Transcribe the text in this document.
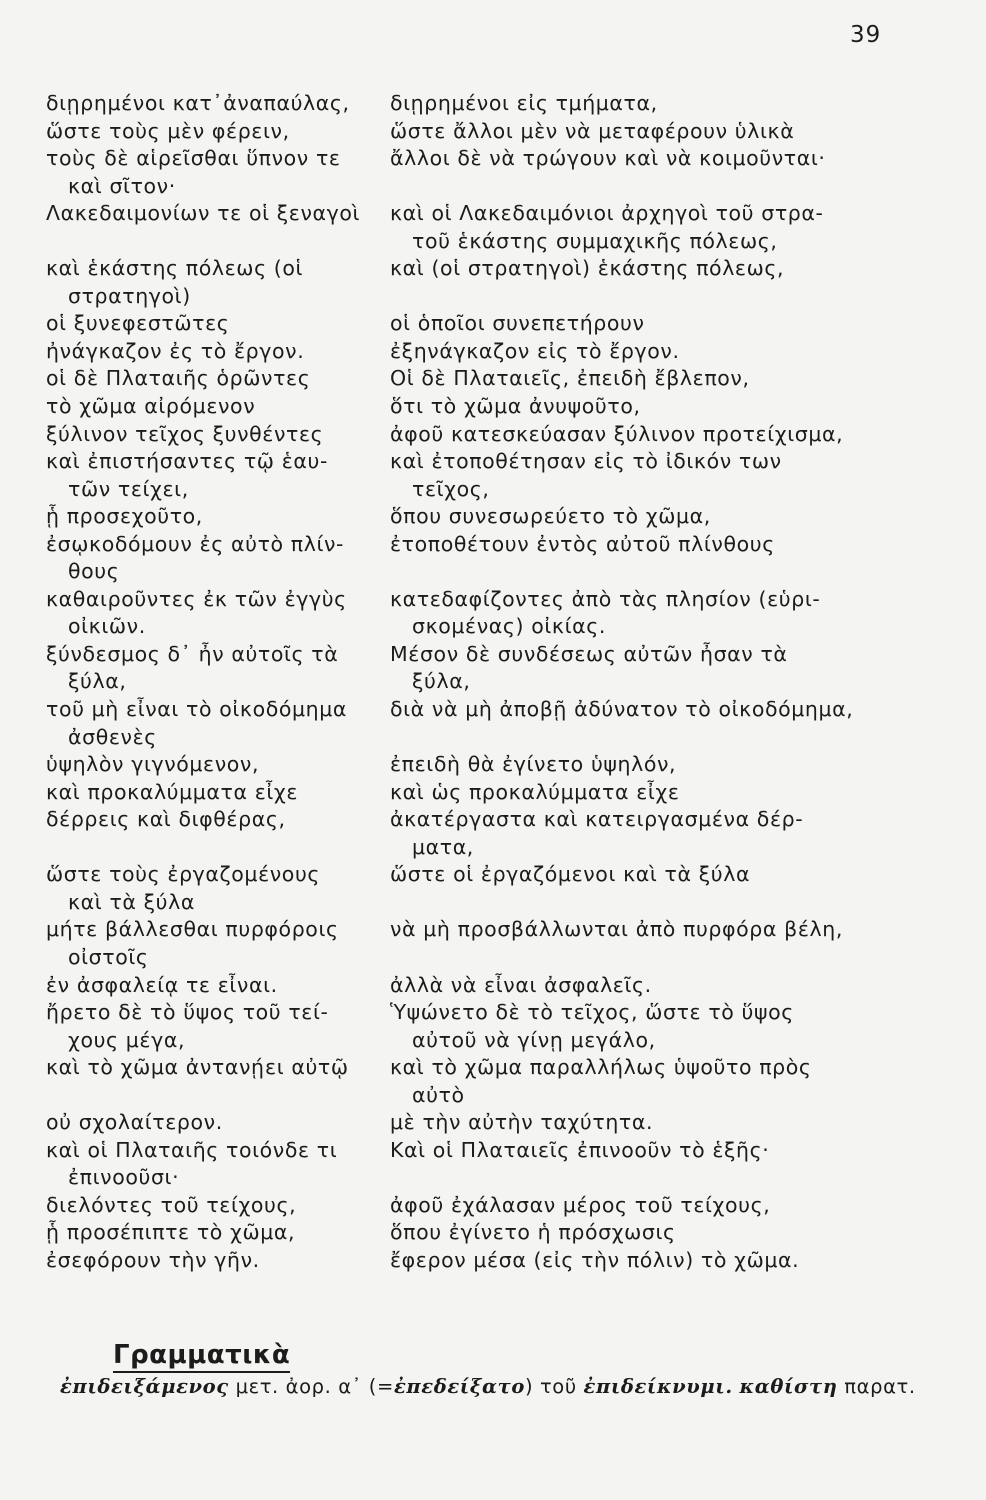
39
διῃρημένοι κατ᾽ἀναπαύλας,
ὥστε τοὺς μὲν φέρειν,
τοὺς δὲ αἱρεῖσθαι ὕπνον τε
καὶ σῖτον·
Λακεδαιμονίων τε οἱ ξεναγοὶ
καὶ ἑκάστης πόλεως (οἱ
στρατηγοὶ)
οἱ ξυνεφεστῶτες
ἠνάγκαζον ἐς τὸ ἔργον.
οἱ δὲ Πλαταιῆς ὁρῶντες
τὸ χῶμα αἰρόμενον
ξύλινον τεῖχος ξυνθέντες
καὶ ἐπιστήσαντες τῷ ἑαυ-
τῶν τείχει,
ᾗ προσεχοῦτο,
ἐσῳκοδόμουν ἐς αὐτὸ πλίν-
θους
καθαιροῦντες ἐκ τῶν ἐγγὺς
οἰκιῶν.
ξύνδεσμος δ᾽ ἦν αὐτοῖς τὰ
ξύλα,
τοῦ μὴ εἶναι τὸ οἰκοδόμημα
ἀσθενὲς
ὑψηλὸν γιγνόμενον,
καὶ προκαλύμματα εἶχε
δέρρεις καὶ διφθέρας,
ὥστε τοὺς ἐργαζομένους
καὶ τὰ ξύλα
μήτε βάλλεσθαι πυρφόροις
οἰστοῖς
ἐν ἀσφαλείᾳ τε εἶναι.
ἤρετο δὲ τὸ ὕψος τοῦ τεί-
χους μέγα,
καὶ τὸ χῶμα ἀντανῄει αὐτῷ
οὐ σχολαίτερον.
καὶ οἱ Πλαταιῆς τοιόνδε τι
ἐπινοοῦσι·
διελόντες τοῦ τείχους,
ᾗ προσέπιπτε τὸ χῶμα,
ἐσεφόρουν τὴν γῆν.
διῃρημένοι εἰς τμήματα,
ὥστε ἄλλοι μὲν νὰ μεταφέρουν ὑλικὰ
ἄλλοι δὲ νὰ τρώγουν καὶ νὰ κοιμοῦνται·
καὶ οἱ Λακεδαιμόνιοι ἀρχηγοὶ τοῦ στρα-
τοῦ ἑκάστης συμμαχικῆς πόλεως,
καὶ (οἱ στρατηγοὶ) ἑκάστης πόλεως,
οἱ ὁποῖοι συνεπετήρουν
ἐξηνάγκαζον εἰς τὸ ἔργον.
Οἱ δὲ Πλαταιεῖς, ἐπειδὴ ἔβλεπον,
ὅτι τὸ χῶμα ἀνυψοῦτο,
ἀφοῦ κατεσκεύασαν ξύλινον προτείχισμα,
καὶ ἐτοποθέτησαν εἰς τὸ ἰδικόν των
τεῖχος,
ὅπου συνεσωρεύετο τὸ χῶμα,
ἐτοποθέτουν ἐντὸς αὐτοῦ πλίνθους
κατεδαφίζοντες ἀπὸ τὰς πλησίον (εὑρι-
σκομένας) οἰκίας.
Μέσον δὲ συνδέσεως αὐτῶν ἦσαν τὰ
ξύλα,
διὰ νὰ μὴ ἀποβῇ ἀδύνατον τὸ οἰκοδόμημα,
ἐπειδὴ θὰ ἐγίνετο ὑψηλόν,
καὶ ὡς προκαλύμματα εἶχε
ἀκατέργαστα καὶ κατειργασμένα δέρ-
ματα,
ὥστε οἱ ἐργαζόμενοι καὶ τὰ ξύλα
νὰ μὴ προσβάλλωνται ἀπὸ πυρφόρα βέλη,
ἀλλὰ νὰ εἶναι ἀσφαλεῖς.
Ὑψώνετο δὲ τὸ τεῖχος, ὥστε τὸ ὕψος
αὐτοῦ νὰ γίνῃ μεγάλο,
καὶ τὸ χῶμα παραλλήλως ὑψοῦτο πρὸς
αὐτὸ
μὲ τὴν αὐτὴν ταχύτητα.
Καὶ οἱ Πλαταιεῖς ἐπινοοῦν τὸ ἑξῆς·
ἀφοῦ ἐχάλασαν μέρος τοῦ τείχους,
ὅπου ἐγίνετο ἡ πρόσχωσις
ἔφερον μέσα (εἰς τὴν πόλιν) τὸ χῶμα.
Γραμματικὰ
ἐπιδειξάμενος μετ. ἀορ. α᾽ (=ἐπεδείξατο) τοῦ ἐπιδείκνυμι. καθίστη παρατ.
